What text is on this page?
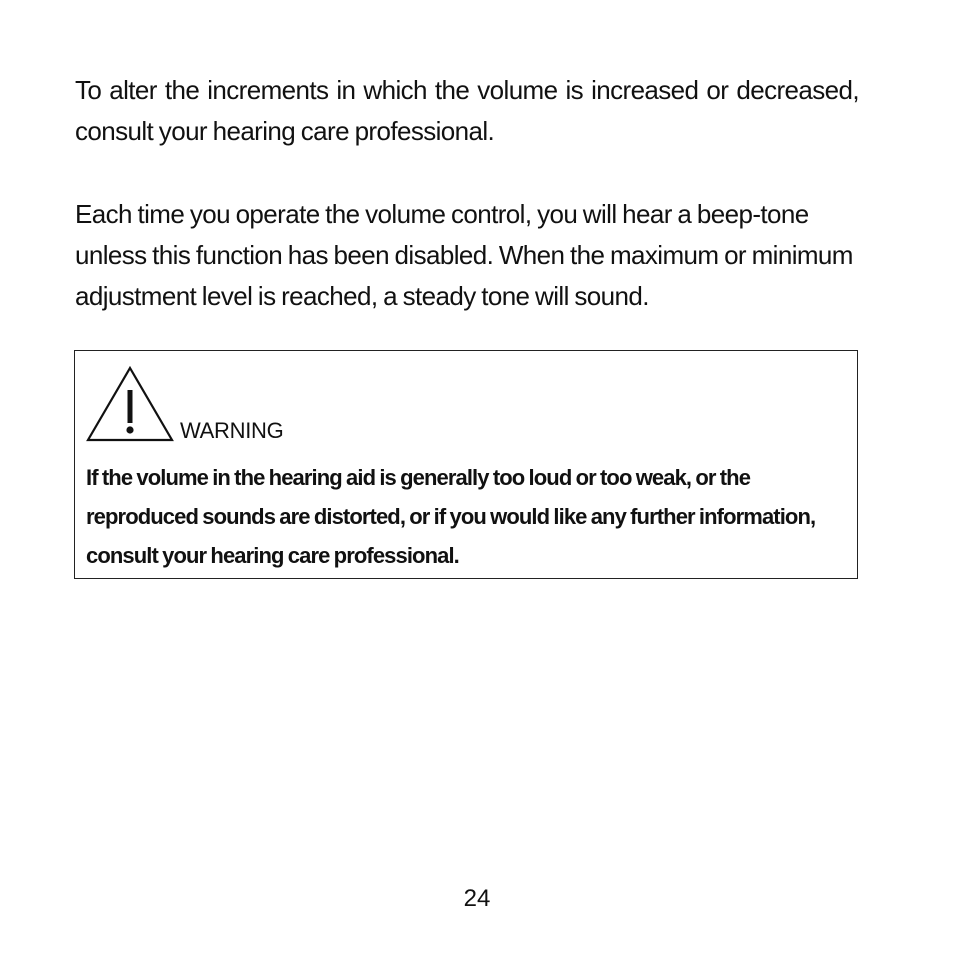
To alter the increments in which the volume is increased or decreased, consult your hearing care professional.

Each time you operate the volume control, you will hear a beep-tone unless this function has been disabled. When the maximum or minimum adjustment level is reached, a steady tone will sound.

WARNING

If the volume in the hearing aid is generally too loud or too weak, or the reproduced sounds are distorted, or if you would like any further information, consult your hearing care professional.

24
